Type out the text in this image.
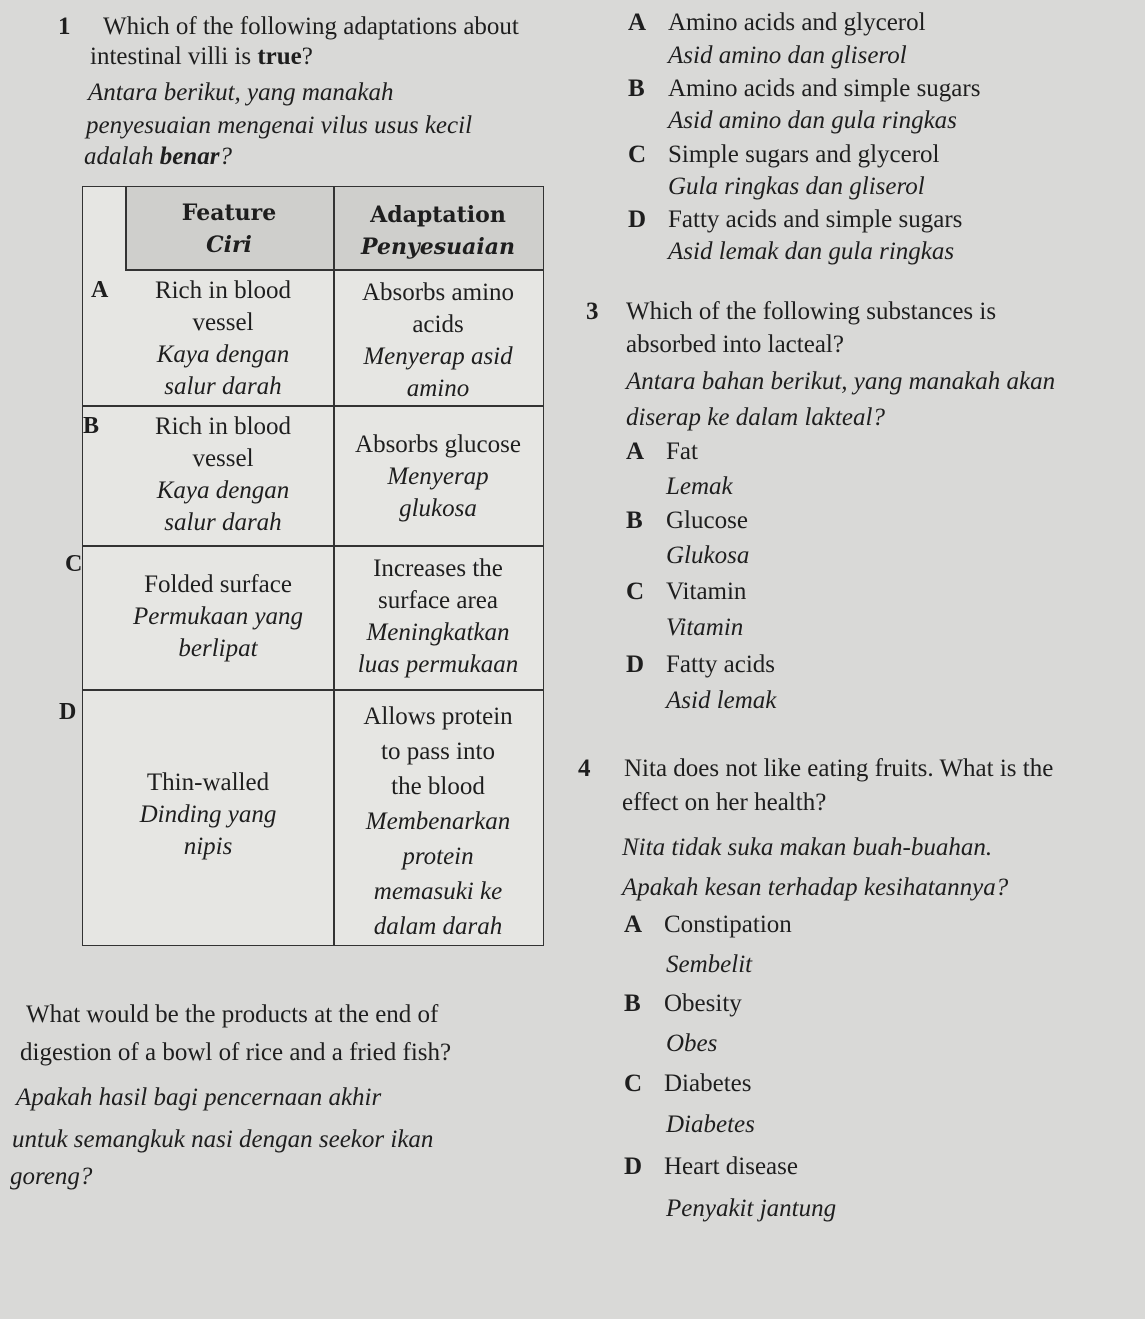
1 Which of the following adaptations about
intestinal villi is true?
Antara berikut, yang manakah
penyesuaian mengenai vilus usus kecil
adalah benar?
Feature
Ciri
Adaptation
Penyesuaian
A	Rich in blood
vessel
Kaya dengan
salur darah
Absorbs amino
acids
Menyerap asid
amino
B	Rich in blood
vessel
Kaya dengan
salur darah
Absorbs glucose
Menyerap
glukosa
C
Folded surface
Permukaan yang
berlipat
Increases the
surface area
Meningkatkan
luas permukaan
D
Thin-walled
Dinding yang
nipis
Allows protein
to pass into
the blood
Membenarkan
protein
memasuki ke
dalam darah
What would be the products at the end of
digestion of a bowl of rice and a fried fish?
Apakah hasil bagi pencernaan akhir
untuk semangkuk nasi dengan seekor ikan
goreng?
A Amino acids and glycerol
Asid amino dan gliserol
B Amino acids and simple sugars
Asid amino dan gula ringkas
C Simple sugars and glycerol
Gula ringkas dan gliserol
D Fatty acids and simple sugars
Asid lemak dan gula ringkas
3 Which of the following substances is
absorbed into lacteal?
Antara bahan berikut, yang manakah akan
diserap ke dalam lakteal?
A Fat
Lemak
B Glucose
Glukosa
C Vitamin
Vitamin
D Fatty acids
Asid lemak
4 Nita does not like eating fruits. What is the
effect on her health?
Nita tidak suka makan buah-buahan.
Apakah kesan terhadap kesihatannya?
A Constipation
Sembelit
B Obesity
Obes
C Diabetes
Diabetes
D Heart disease
Penyakit jantung
